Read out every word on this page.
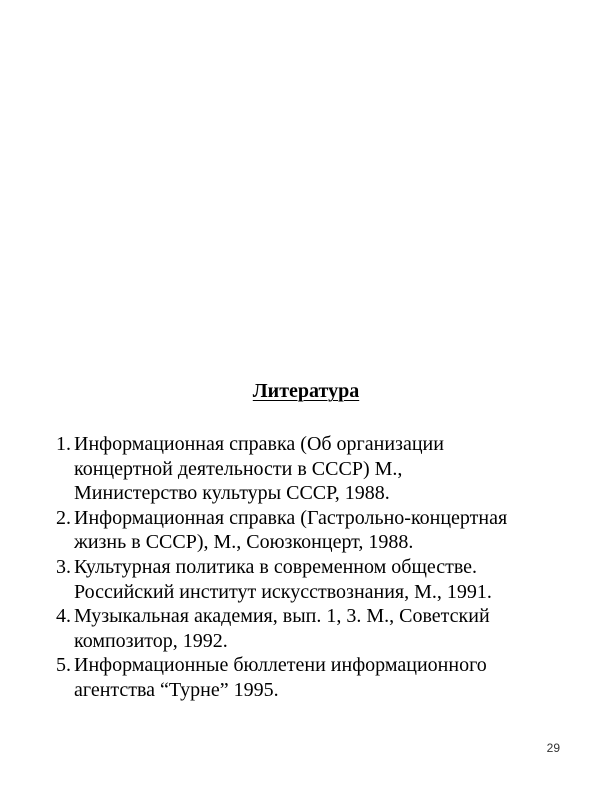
Литература
1. Информационная справка (Об организации
концертной деятельности в СССР) М.,
Министерство культуры СССР, 1988.
2. Информационная справка (Гастрольно-концертная
жизнь в СССР), М., Союзконцерт, 1988.
3. Культурная политика в современном обществе.
Российский институт искусствознания, М., 1991.
4. Музыкальная академия, вып. 1, 3. М., Советский
композитор, 1992.
5. Информационные бюллетени информационного
агентства “Турне” 1995.
29
